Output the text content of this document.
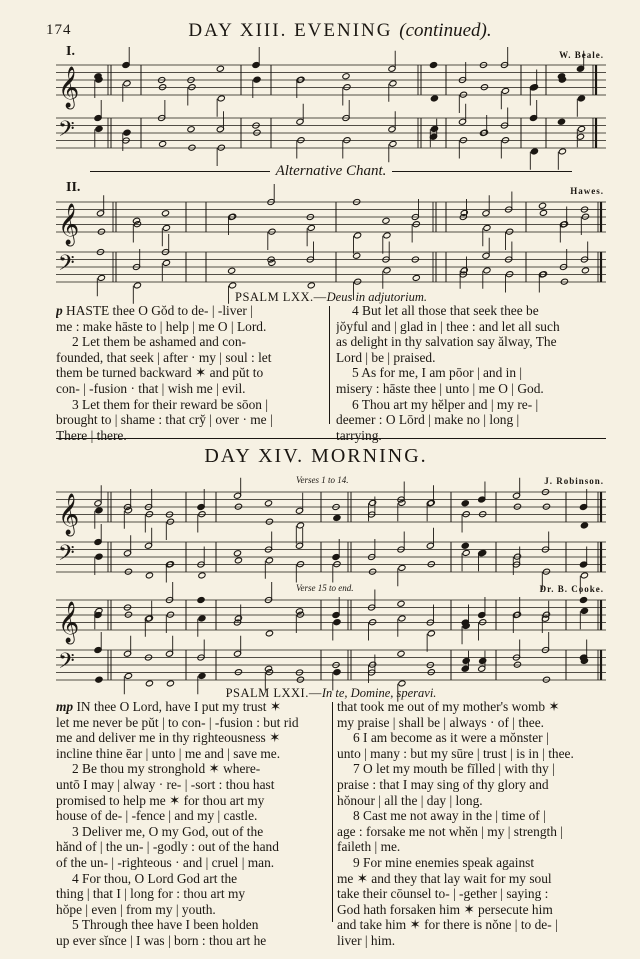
174	DAY XIII. EVENING (continued).
I.	W. Beale.
𝄞
𝄢
Alternative Chant.
II.	Hawes.
𝄞
𝄢
PSALM LXX.—Deus in adjutorium.

p HASTE thee O Gŏd to de- | -liver |

me : make hāste to | help | me O | Lord.

2 Let them be ashamed and con-

founded, that seek | after · my | soul : let

them be turned backward ✶ and pŭt to

con- | -fusion · that | wish me | evil.

3 Let them for their reward be sōon |

brought to | shame : that cry̆ | over · me |

There | there.

4 But let all those that seek thee be

jŏyful and | glad in | thee : and let all such

as delight in thy salvation say ălway, The

Lord | be | praised.

5 As for me, I am pōor | and in |

misery : hāste thee | unto | me O | God.

6 Thou art my hĕlper and | my re- |

deemer : O Lōrd | make no | long |

tarrying.

DAY XIV. MORNING.
Verses 1 to 14.	J. Robinson.
𝄞
𝄢
Verse 15 to end.	Dr. B. Cooke.
𝄞
𝄢
PSALM LXXI.—In te, Domine, speravi.

mp IN thee O Lord, have I put my trust ✶

let me never be pŭt | to con- | -fusion : but rid

me and deliver me in thy righteousness ✶

incline thine ēar | unto | me and | save me.

2 Be thou my stronghold ✶ where-

untō I may | alway · re- | -sort : thou hast

promised to help me ✶ for thou art my

house of de- | -fence | and my | castle.

3 Deliver me, O my God, out of the

hănd of | the un- | -godly : out of the hand

of the un- | -righteous · and | cruel | man.

4 For thou, O Lord God art the

thing | that I | long for : thou art my

hŏpe | even | from my | youth.

5 Through thee have I been holden

up ever sĭnce | I was | born : thou art he

that took me out of my mother's womb ✶

my praise | shall be | always · of | thee.

6 I am become as it were a mŏnster |

unto | many : but my sūre | trust | is in | thee.

7 O let my mouth be fīlled | with thy |

praise : that I may sing of thy glory and

hŏnour | all the | day | long.

8 Cast me not away in the | time of |

age : forsake me not whĕn | my | strength |

faileth | me.

9 For mine enemies speak against

me ✶ and they that lay wait for my soul

take their cōunsel to- | -gether | saying :

God hath forsaken him ✶ persecute him

and take him ✶ for there is nŏne | to de- |

liver | him.
